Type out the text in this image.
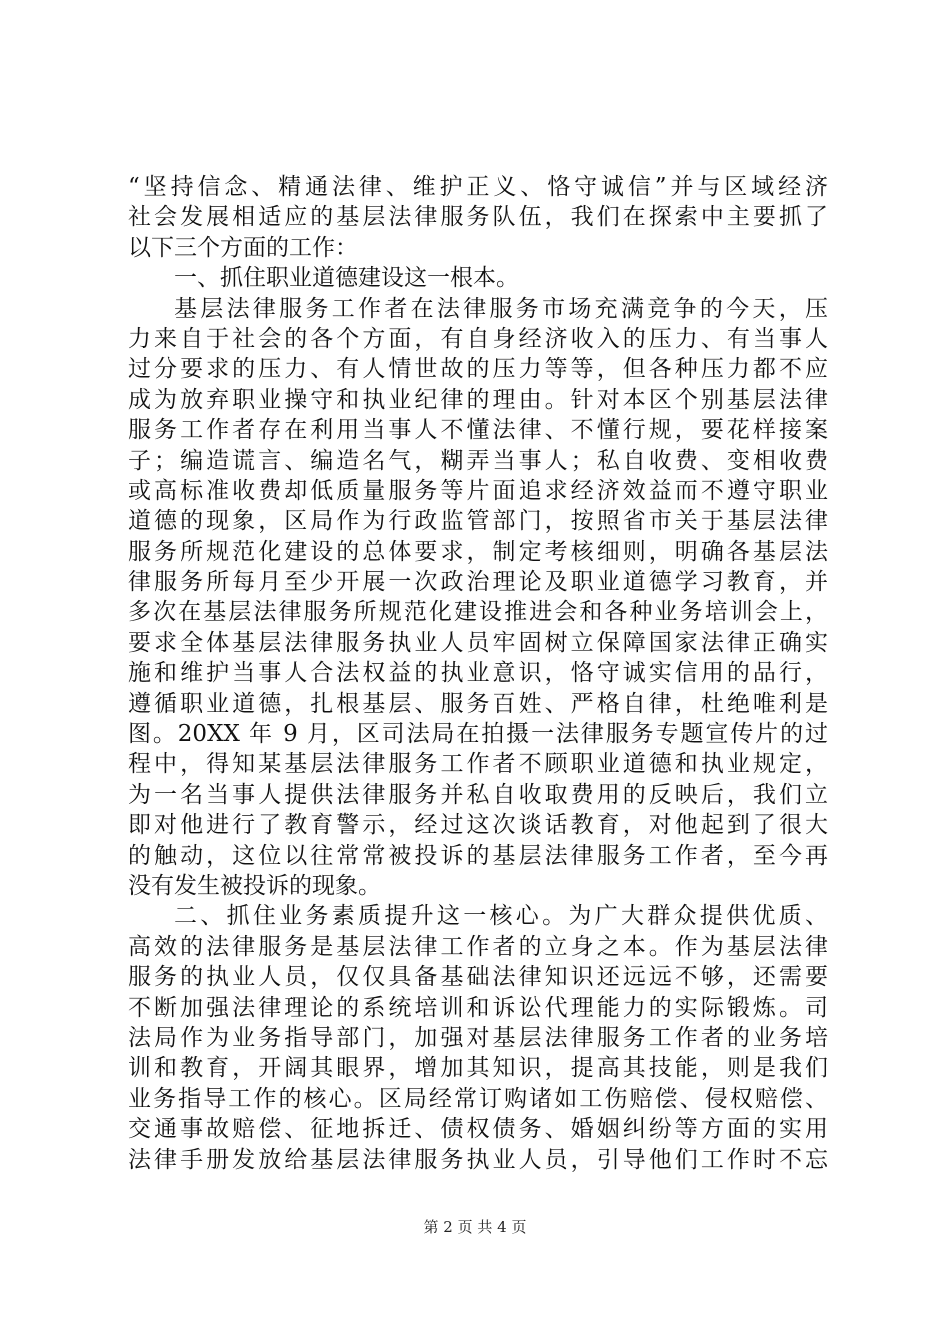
“坚持信念、精通法律、维护正义、恪守诚信”并与区域经济
社会发展相适应的基层法律服务队伍，我们在探索中主要抓了
以下三个方面的工作：
一、抓住职业道德建设这一根本。
基层法律服务工作者在法律服务市场充满竞争的今天，压
力来自于社会的各个方面，有自身经济收入的压力、有当事人
过分要求的压力、有人情世故的压力等等，但各种压力都不应
成为放弃职业操守和执业纪律的理由。针对本区个别基层法律
服务工作者存在利用当事人不懂法律、不懂行规，要花样接案
子；编造谎言、编造名气，糊弄当事人；私自收费、变相收费
或高标准收费却低质量服务等片面追求经济效益而不遵守职业
道德的现象，区局作为行政监管部门，按照省市关于基层法律
服务所规范化建设的总体要求，制定考核细则，明确各基层法
律服务所每月至少开展一次政治理论及职业道德学习教育，并
多次在基层法律服务所规范化建设推进会和各种业务培训会上，
要求全体基层法律服务执业人员牢固树立保障国家法律正确实
施和维护当事人合法权益的执业意识，恪守诚实信用的品行，
遵循职业道德，扎根基层、服务百姓、严格自律，杜绝唯利是
图。20XX 年 9 月，区司法局在拍摄一法律服务专题宣传片的过
程中，得知某基层法律服务工作者不顾职业道德和执业规定，
为一名当事人提供法律服务并私自收取费用的反映后，我们立
即对他进行了教育警示，经过这次谈话教育，对他起到了很大
的触动，这位以往常常被投诉的基层法律服务工作者，至今再
没有发生被投诉的现象。
二、抓住业务素质提升这一核心。为广大群众提供优质、
高效的法律服务是基层法律工作者的立身之本。作为基层法律
服务的执业人员，仅仅具备基础法律知识还远远不够，还需要
不断加强法律理论的系统培训和诉讼代理能力的实际锻炼。司
法局作为业务指导部门，加强对基层法律服务工作者的业务培
训和教育，开阔其眼界，增加其知识，提高其技能，则是我们
业务指导工作的核心。区局经常订购诸如工伤赔偿、侵权赔偿、
交通事故赔偿、征地拆迁、债权债务、婚姻纠纷等方面的实用
法律手册发放给基层法律服务执业人员，引导他们工作时不忘
第 2 页 共 4 页
